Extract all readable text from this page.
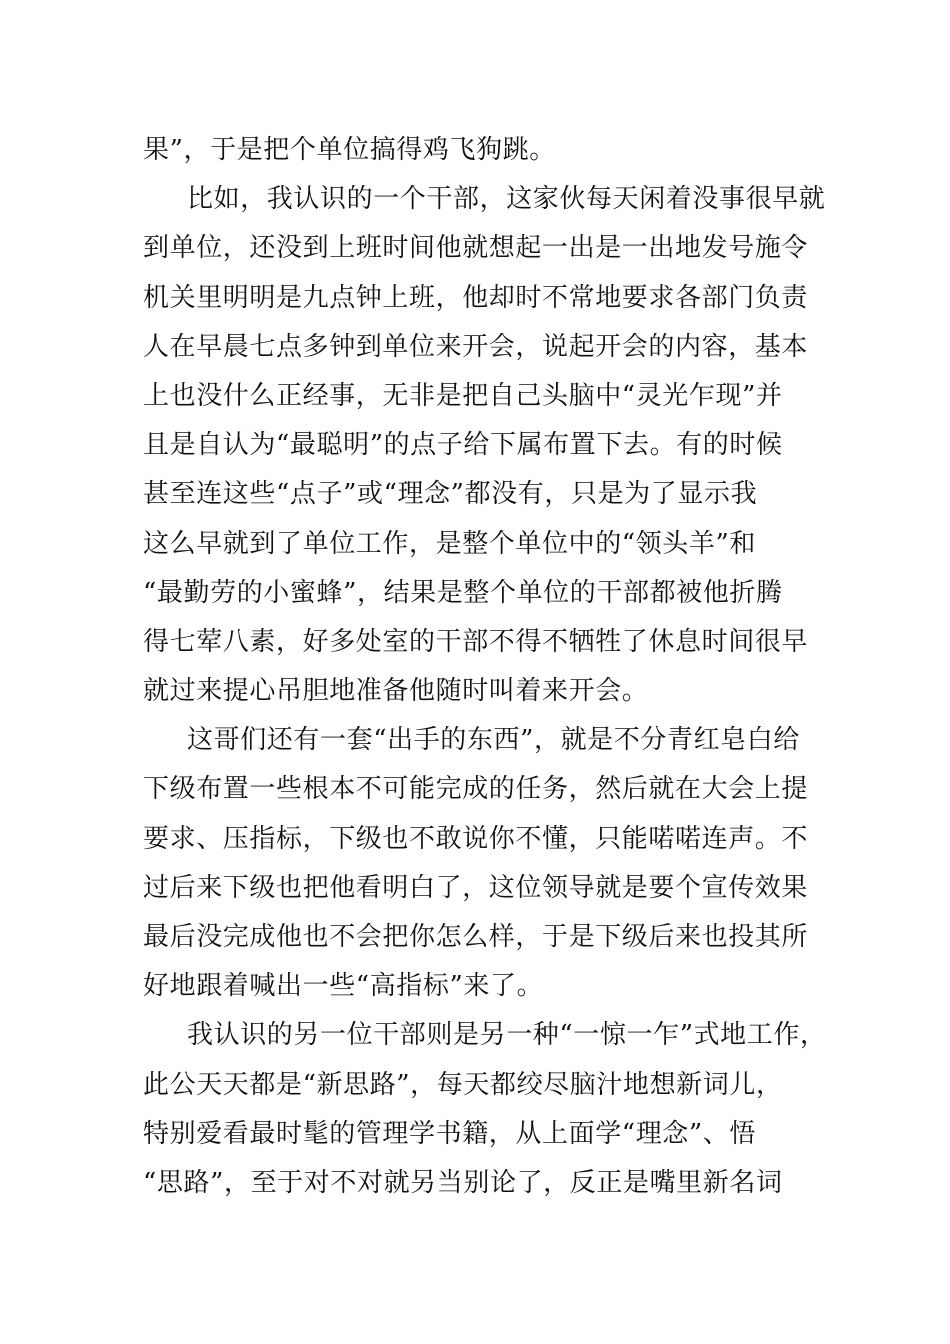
果”，于是把个单位搞得鸡飞狗跳。
比如，我认识的一个干部，这家伙每天闲着没事很早就
到单位，还没到上班时间他就想起一出是一出地发号施令
机关里明明是九点钟上班，他却时不常地要求各部门负责
人在早晨七点多钟到单位来开会，说起开会的内容，基本
上也没什么正经事，无非是把自己头脑中“灵光乍现”并
且是自认为“最聪明”的点子给下属布置下去。有的时候
甚至连这些“点子”或“理念”都没有，只是为了显示我
这么早就到了单位工作，是整个单位中的“领头羊”和
“最勤劳的小蜜蜂”，结果是整个单位的干部都被他折腾
得七荤八素，好多处室的干部不得不牺牲了休息时间很早
就过来提心吊胆地准备他随时叫着来开会。
这哥们还有一套“出手的东西”，就是不分青红皂白给
下级布置一些根本不可能完成的任务，然后就在大会上提
要求、压指标，下级也不敢说你不懂，只能喏喏连声。不
过后来下级也把他看明白了，这位领导就是要个宣传效果
最后没完成他也不会把你怎么样，于是下级后来也投其所
好地跟着喊出一些“高指标”来了。
我认识的另一位干部则是另一种“一惊一乍”式地工作，
此公天天都是“新思路”，每天都绞尽脑汁地想新词儿，
特别爱看最时髦的管理学书籍，从上面学“理念”、悟
“思路”，至于对不对就另当别论了，反正是嘴里新名词
